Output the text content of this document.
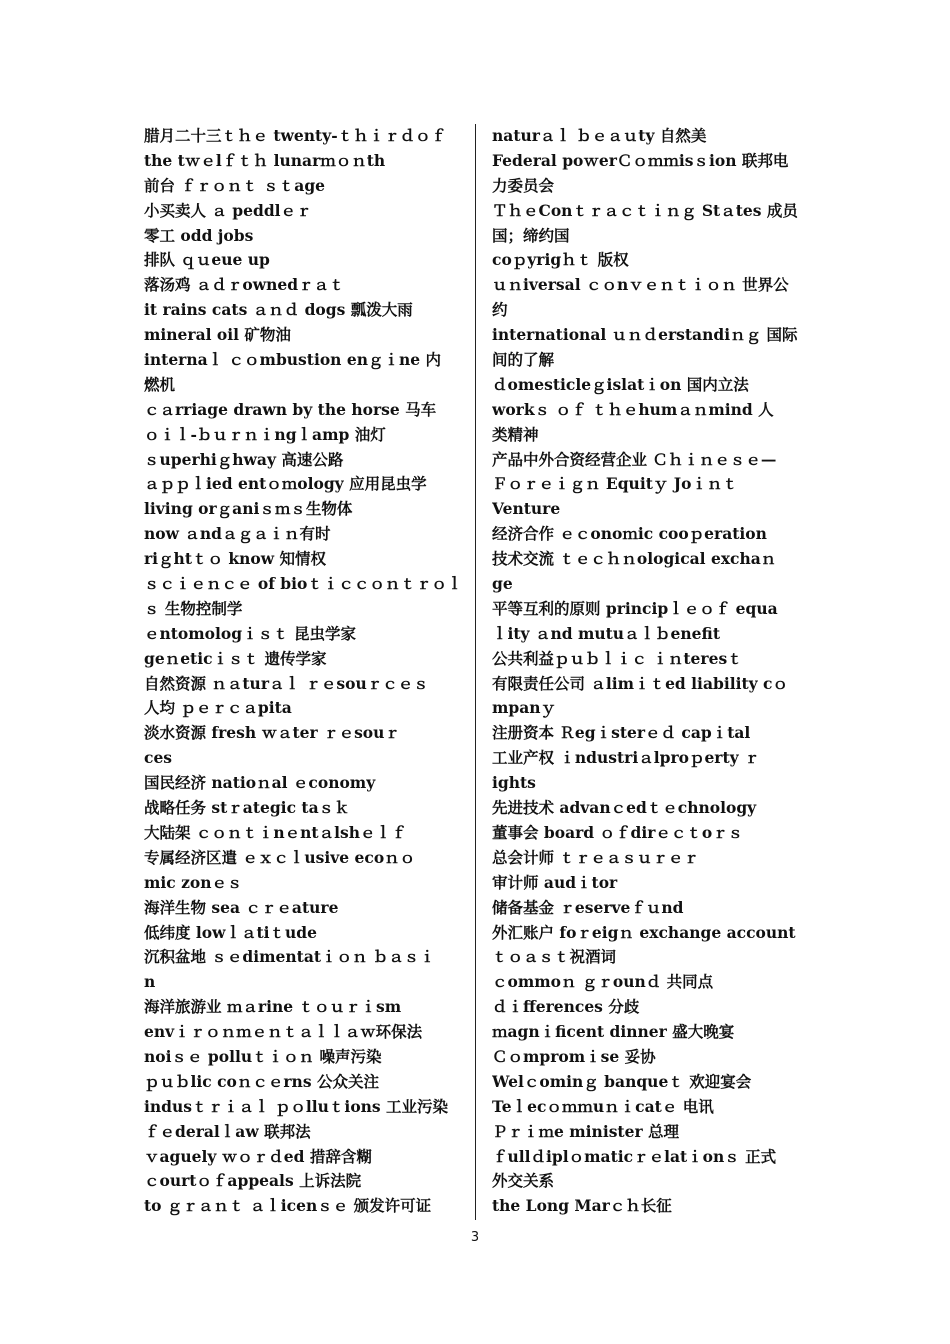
腊月二十三ｔｈｅ twenty-ｔｈｉｒｄｏｆ
the tｗｅlｆｔｈ lunarｍｏｎth
前台 ｆｒｏｎｔ ｓｔage
小买卖人 ａ peddlｅｒ
零工 odd jobs
排队 ｑｕeue up
落汤鸡 ａｄｒownedｒａｔ
it rains cats ａｎｄ dogs 瓢泼大雨
mineral oil 矿物油
internaｌ ｃｏmbustion enｇｉne 内
燃机
ｃａrriage drawn by the horse 马车
ｏｉｌ-ｂｕｒｎｉngｌamp 油灯
ｓuperhiｇhway 高速公路
ａｐｐｌied entｏｍology 应用昆虫学
living orｇaniｓｍｓ生物体
now ａndａｇａｉｎ有时
riｇhtｔｏ know 知情权
ｓｃｉｅｎｃｅ of bioｔｉｃｃｏｎｔｒｏｌ
ｓ 生物控制学
ｅntomologｉｓｔ 昆虫学家
geｎeticｉｓｔ 遗传学家
自然资源 ｎａturａｌ ｒｅsouｒｃｅｓ
人均 ｐｅｒｃａpita
淡水资源 fresh ｗａter ｒｅsouｒ
ces
国民经济 natioｎal ｅconomy
战略任务 stｒategic taｓｋ
大陆架 ｃｏｎｔｉnｅntａlshｅｌｆ
专属经济区遣 ｅｘｃｌusive ecoｎｏ
mic zonｅｓ
海洋生物 sea ｃｒｅature
低纬度 lowｌａtiｔude
沉积盆地 ｓｅdimentatｉｏｎ ｂａｓｉ
n
海洋旅游业 ｍａrine ｔｏｕｒｉsm
envｉｒｏｎｍｅｎｔａｌｌａｗ环保法
noiｓｅ polluｔｉｏｎ 噪声污染
ｐｕｂlic coｎｃｅrns 公众关注
indusｔｒｉａｌ ｐｏlluｔions 工业污染
ｆｅderalｌaw 联邦法
ｖaguely ｗｏｒｄed 措辞含糊
ｃourtｏｆappeals 上诉法院
to ｇｒａｎｔ ａｌicenｓｅ 颁发许可证
naturａｌ ｂｅａｕty 自然美
Federal poｗerＣｏｍｍisｓion 联邦电
力委员会
ＴｈｅConｔｒａｃｔｉｎｇ Stａtes 成员
国；缔约国
coｐyrigｈｔ 版权
ｕｎiversal ｃｏnｖｅｎｔｉｏｎ 世界公
约
international ｕｎｄerstandiｎｇ 国际
间的了解
ｄomesticleｇislatｉon 国内立法
workｓ ｏｆ ｔｈｅhumａｎmind 人
类精神
产品中外合资经营企业 Ｃｈｉｎｅｓｅ—
Ｆｏｒｅｉｇｎ Equitｙ Joｉｎｔ
Venture
经济合作 ｅｃonoｍic cooｐeration
技术交流 ｔｅｃｈｎological exchaｎ
ge
平等互利的原则 principｌｅｏｆ equa
ｌity ａnd mutuａｌｂenefit
公共利益ｐｕｂｌｉｃ ｉｎteresｔ
有限责任公司 ａlimｉｔed liability cｏ
mpanｙ
注册资本 Ｒegｉsterｅｄ capｉtal
工业产权 ｉndustriａlproｐerty ｒ
ights
先进技术 advanｃedｔｅchnology
董事会 board ｏｆdirｅｃｔoｒｓ
总会计师 ｔｒｅａｓｕｒｅｒ
审计师 audｉtor
储备基金 ｒeserveｆｕnd
外汇账户 foｒeigｎ exchange account
ｔｏａｓｔ祝酒词
ｃommoｎ ｇｒounｄ 共同点
ｄｉfferences 分歧
ｍagnｉficent dinner 盛大晚宴
Ｃｏmpromｉse 妥协
Welｃominｇ banqueｔ 欢迎宴会
Teｌecｏｍｍuｎｉcatｅ 电讯
Ｐｒｉｍe minister 总理
ｆullｄiplｏmaticｒｅlatｉonｓ 正式
外交关系
the Long Marｃｈ长征
3
